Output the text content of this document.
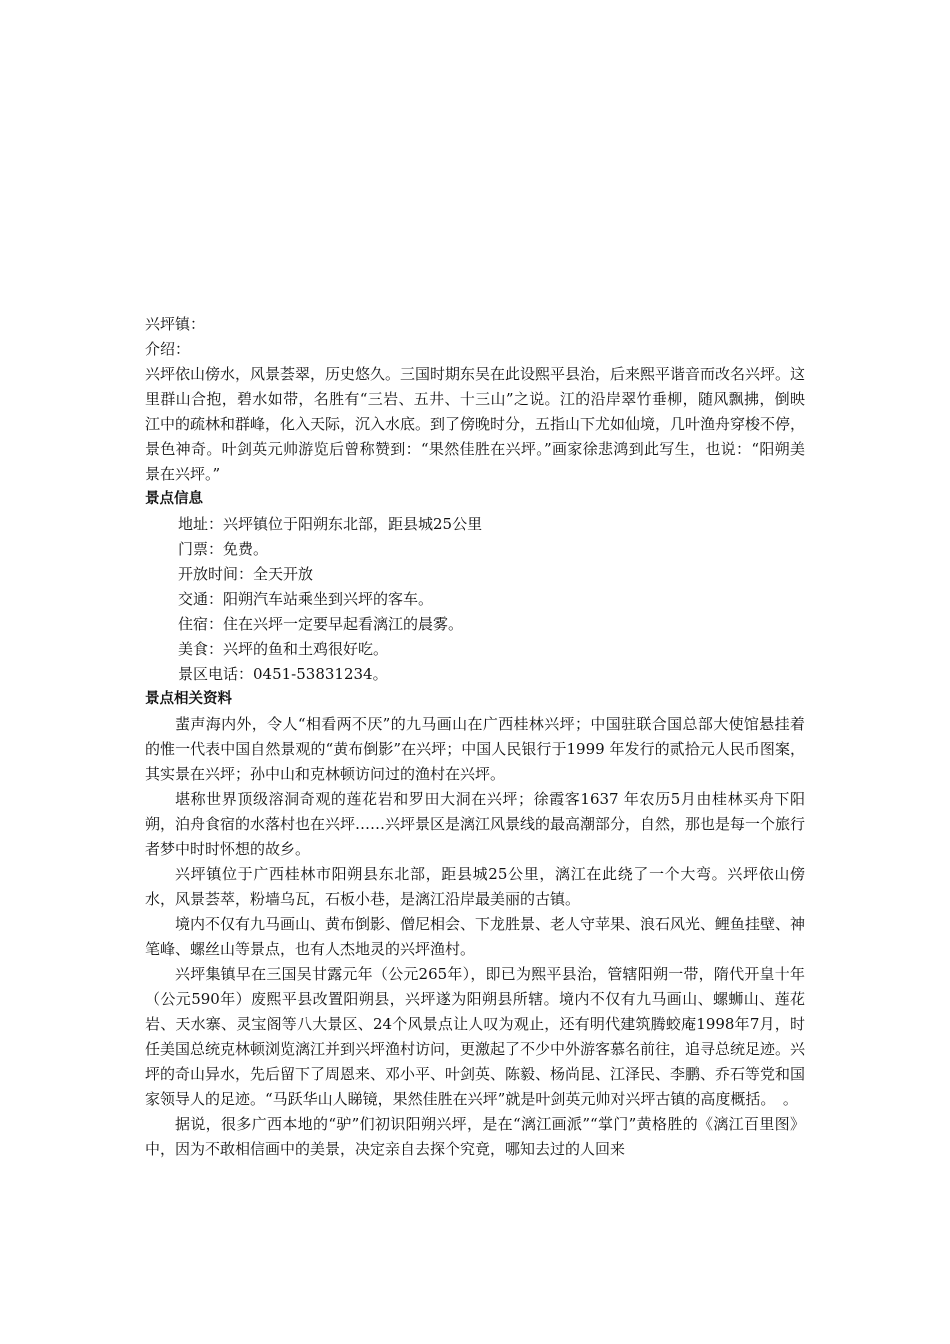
兴坪镇：

介绍：

兴坪依山傍水，风景荟翠，历史悠久。三国时期东吴在此设熙平县治，后来熙平谐音而改名兴坪。这里群山合抱，碧水如带，名胜有“三岩、五井、十三山”之说。江的沿岸翠竹垂柳，随风飘拂，倒映江中的疏林和群峰，化入天际，沉入水底。到了傍晚时分，五指山下尤如仙境，几叶渔舟穿梭不停，景色神奇。叶剑英元帅游览后曾称赞到：“果然佳胜在兴坪。”画家徐悲鸿到此写生，也说：“阳朔美景在兴坪。”

景点信息

地址：兴坪镇位于阳朔东北部，距县城25公里

门票：免费。

开放时间：全天开放

交通：阳朔汽车站乘坐到兴坪的客车。

住宿：住在兴坪一定要早起看漓江的晨雾。

美食：兴坪的鱼和土鸡很好吃。

景区电话：0451-53831234。

景点相关资料

蜚声海内外，令人“相看两不厌”的九马画山在广西桂林兴坪；中国驻联合国总部大使馆悬挂着的惟一代表中国自然景观的“黄布倒影”在兴坪；中国人民银行于1999 年发行的贰拾元人民币图案，其实景在兴坪；孙中山和克林顿访问过的渔村在兴坪。

堪称世界顶级溶洞奇观的莲花岩和罗田大洞在兴坪；徐霞客1637 年农历5月由桂林买舟下阳朔，泊舟食宿的水落村也在兴坪……兴坪景区是漓江风景线的最高潮部分，自然，那也是每一个旅行者梦中时时怀想的故乡。

兴坪镇位于广西桂林市阳朔县东北部，距县城25公里，漓江在此绕了一个大弯。兴坪依山傍水，风景荟萃，粉墙乌瓦，石板小巷，是漓江沿岸最美丽的古镇。

境内不仅有九马画山、黄布倒影、僧尼相会、下龙胜景、老人守苹果、浪石风光、鲤鱼挂壁、神笔峰、螺丝山等景点，也有人杰地灵的兴坪渔村。

兴坪集镇早在三国吴甘露元年（公元265年），即已为熙平县治，管辖阳朔一带，隋代开皇十年（公元590年）废熙平县改置阳朔县，兴坪遂为阳朔县所辖。境内不仅有九马画山、螺蛳山、莲花岩、天水寨、灵宝阁等八大景区、24个风景点让人叹为观止，还有明代建筑腾蛟庵1998年7月，时任美国总统克林顿浏览漓江并到兴坪渔村访问，更激起了不少中外游客慕名前往，追寻总统足迹。兴坪的奇山异水，先后留下了周恩来、邓小平、叶剑英、陈毅、杨尚昆、江泽民、李鹏、乔石等党和国家领导人的足迹。“马跃华山人睇镜，果然佳胜在兴坪”就是叶剑英元帅对兴坪古镇的高度概括。　。

据说，很多广西本地的“驴”们初识阳朔兴坪，是在“漓江画派”“掌门”黄格胜的《漓江百里图》中，因为不敢相信画中的美景，决定亲自去探个究竟，哪知去过的人回来
